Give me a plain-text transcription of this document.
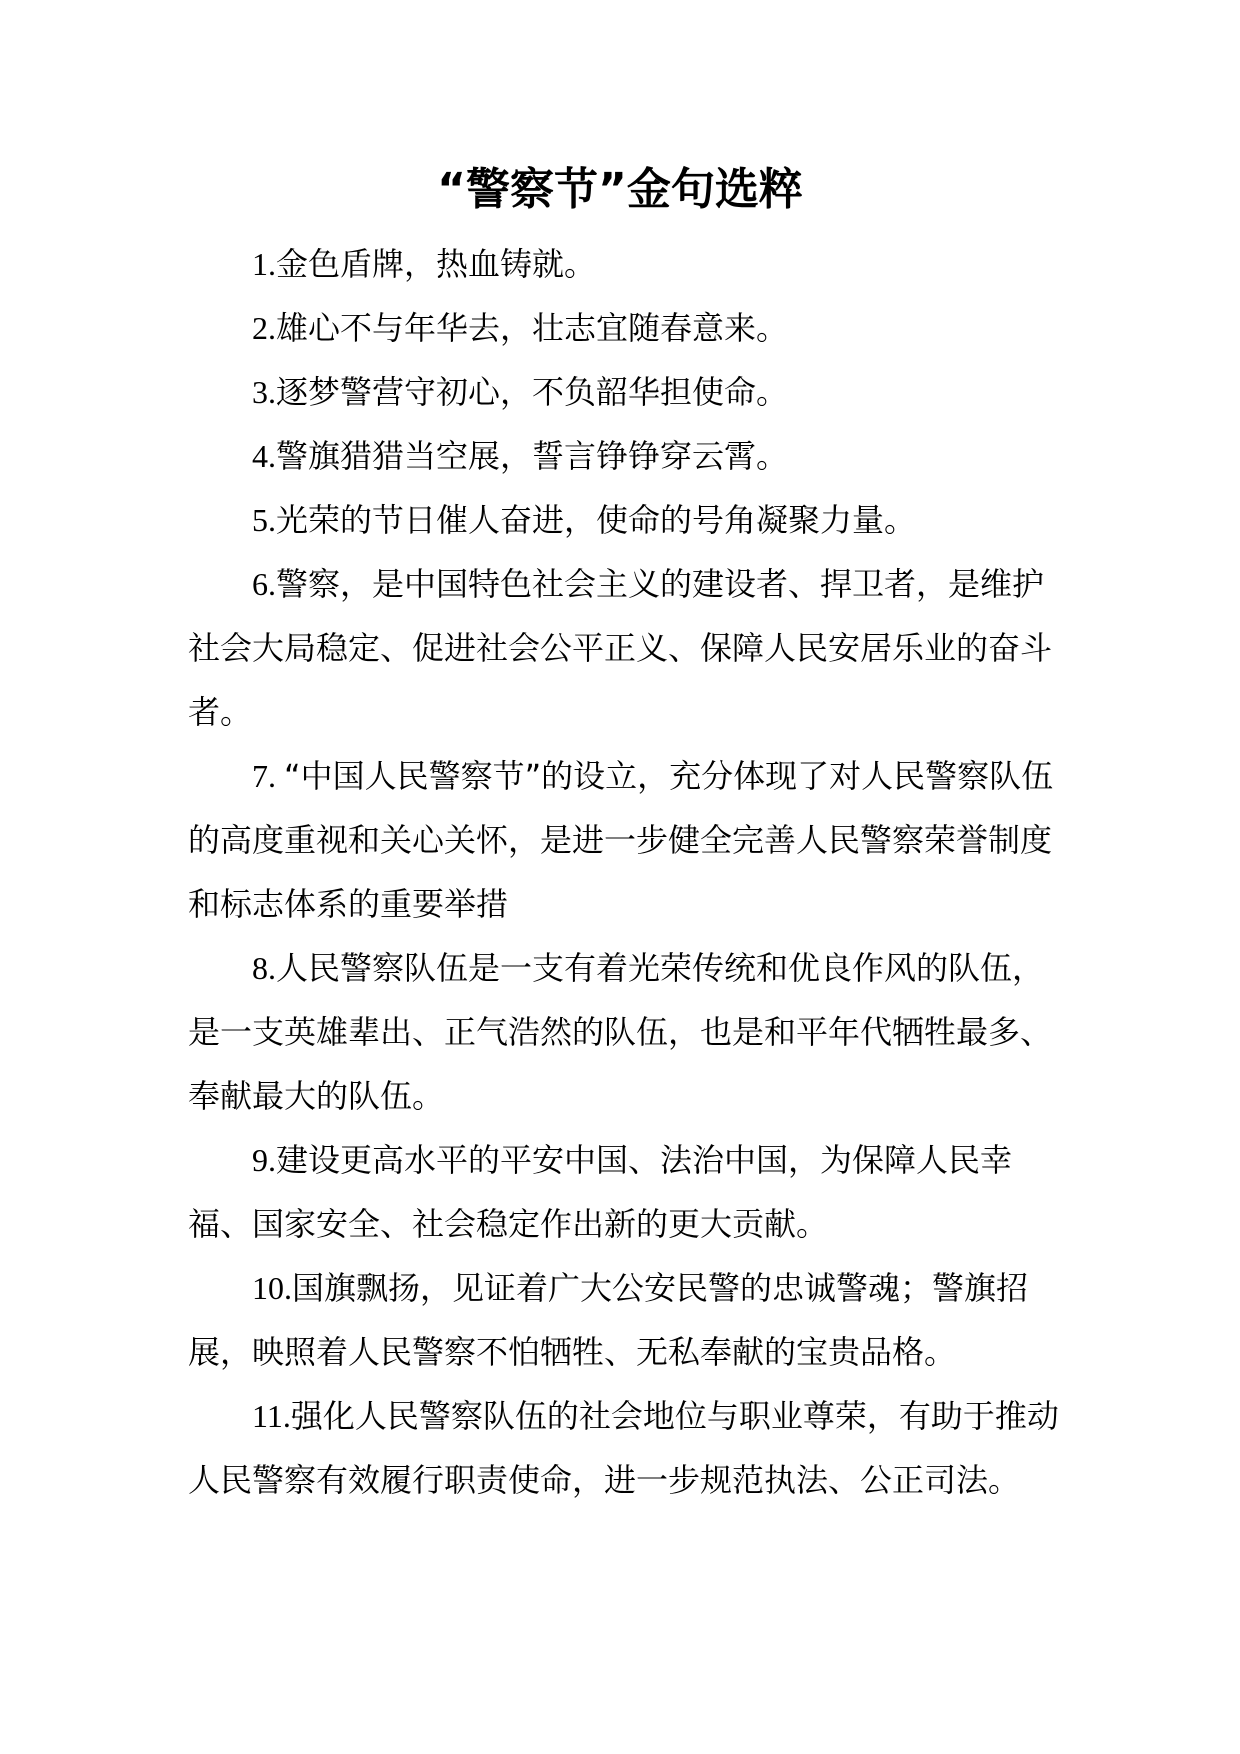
“警察节”金句选粹

1.金色盾牌，热血铸就。

2.雄心不与年华去，壮志宜随春意来。

3.逐梦警营守初心，不负韶华担使命。

4.警旗猎猎当空展，誓言铮铮穿云霄。

5.光荣的节日催人奋进，使命的号角凝聚力量。

6.警察，是中国特色社会主义的建设者、捍卫者，是维护社会大局稳定、促进社会公平正义、保障人民安居乐业的奋斗者。

7. “中国人民警察节”的设立，充分体现了对人民警察队伍的高度重视和关心关怀，是进一步健全完善人民警察荣誉制度和标志体系的重要举措

8.人民警察队伍是一支有着光荣传统和优良作风的队伍，是一支英雄辈出、正气浩然的队伍，也是和平年代牺牲最多、奉献最大的队伍。

9.建设更高水平的平安中国、法治中国，为保障人民幸福、国家安全、社会稳定作出新的更大贡献。

10.国旗飘扬，见证着广大公安民警的忠诚警魂；警旗招展，映照着人民警察不怕牺牲、无私奉献的宝贵品格。

11.强化人民警察队伍的社会地位与职业尊荣，有助于推动人民警察有效履行职责使命，进一步规范执法、公正司法。
